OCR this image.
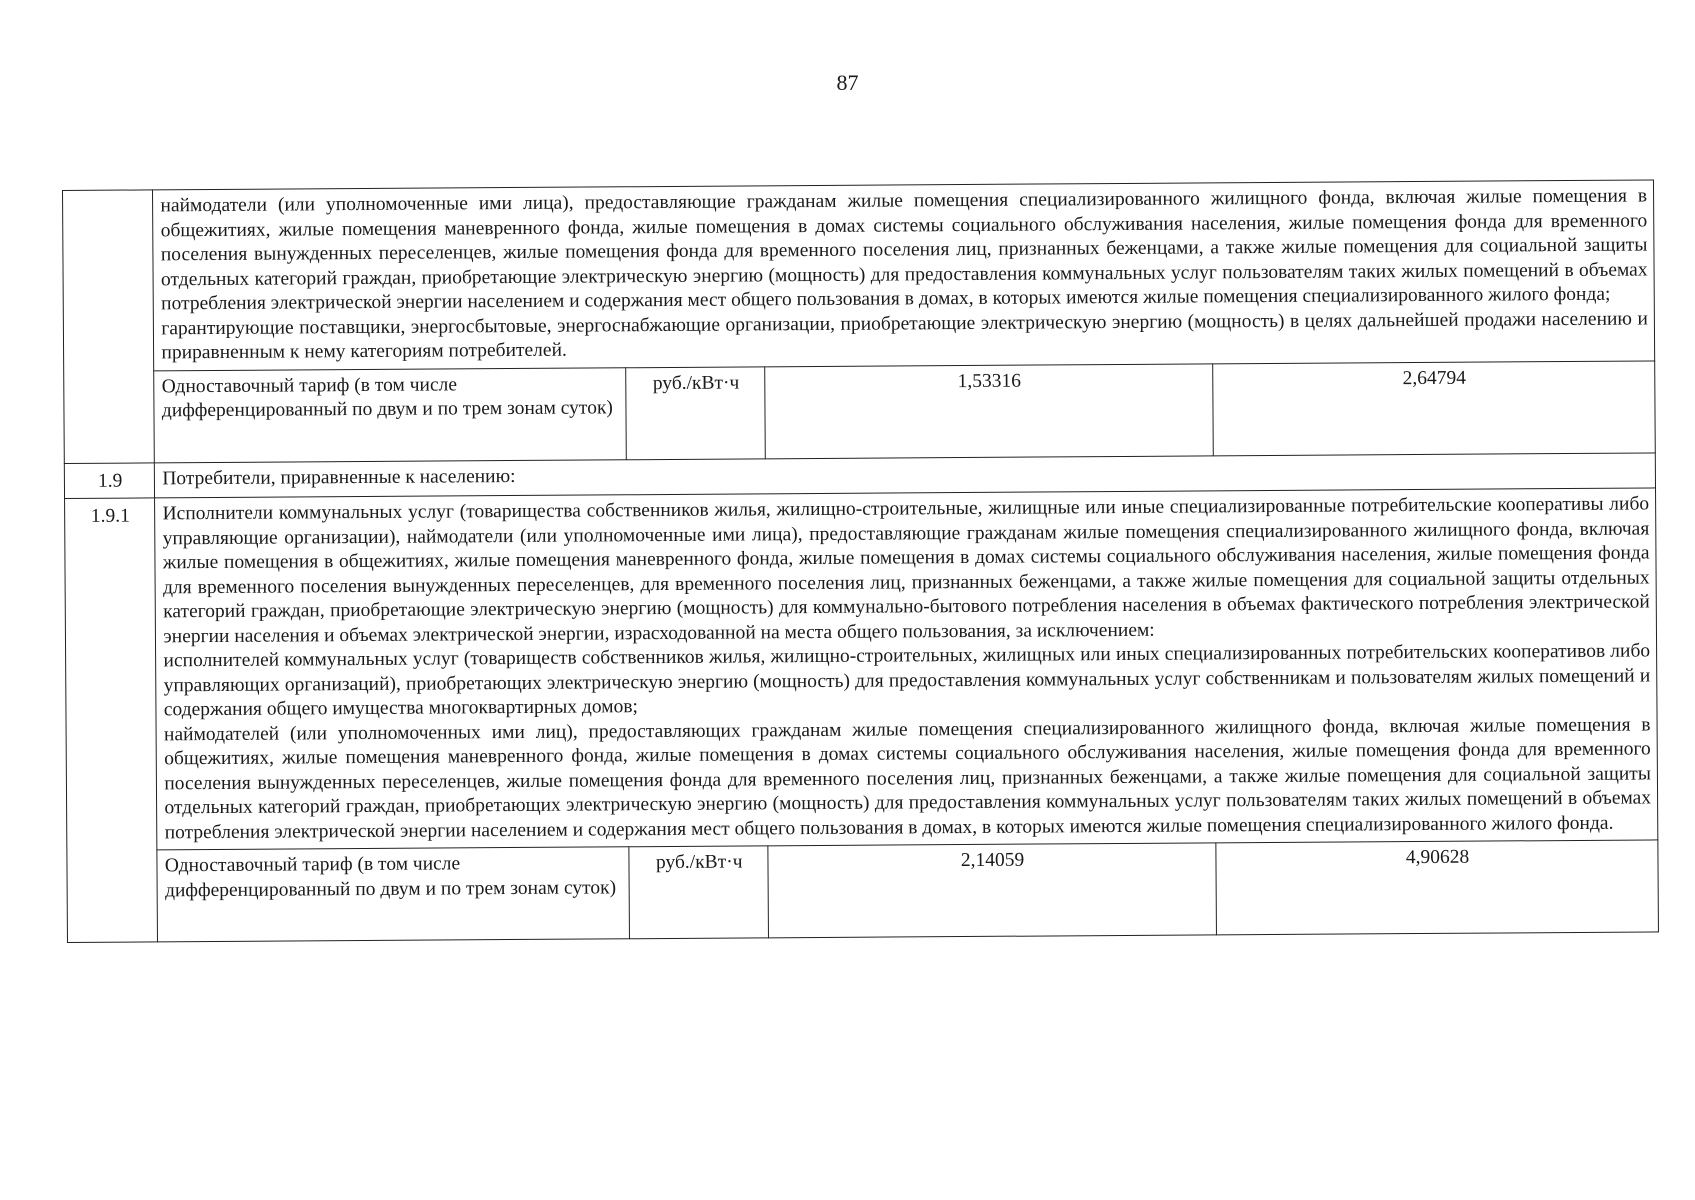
87

	наймодатели (или уполномоченные ими лица), предоставляющие гражданам жилые помещения специализированного жилищного фонда, включая жилые помещения в общежитиях, жилые помещения маневренного фонда, жилые помещения в домах системы социального обслуживания населения, жилые помещения фонда для временного поселения вынужденных переселенцев, жилые помещения фонда для временного поселения лиц, признанных беженцами, а также жилые помещения для социальной защиты отдельных категорий граждан, приобретающие электрическую энергию (мощность) для предоставления коммунальных услуг пользователям таких жилых помещений в объемах потребления электрической энергии населением и содержания мест общего пользования в домах, в которых имеются жилые помещения специализированного жилого фонда;

гарантирующие поставщики, энергосбытовые, энергоснабжающие организации, приобретающие электрическую энергию (мощность) в целях дальнейшей продажи населению и приравненным к нему категориям потребителей.			

	Одноставочный тариф (в том числе дифференцированный по двум и по трем зонам суток)	руб./кВт·ч	1,53316	2,64794
1.9	Потребители, приравненные к населению:			
1.9.1	Исполнители коммунальных услуг (товарищества собственников жилья, жилищно-строительные, жилищные или иные специализированные потребительские кооперативы либо управляющие организации), наймодатели (или уполномоченные ими лица), предоставляющие гражданам жилые помещения специализированного жилищного фонда, включая жилые помещения в общежитиях, жилые помещения маневренного фонда, жилые помещения в домах системы социального обслуживания населения, жилые помещения фонда для временного поселения вынужденных переселенцев, для временного поселения лиц, признанных беженцами, а также жилые помещения для социальной защиты отдельных категорий граждан, приобретающие электрическую энергию (мощность) для коммунально-бытового потребления населения в объемах фактического потребления электрической энергии населения и объемах электрической энергии, израсходованной на места общего пользования, за исключением:

исполнителей коммунальных услуг (товариществ собственников жилья, жилищно-строительных, жилищных или иных специализированных потребительских кооперативов либо управляющих организаций), приобретающих электрическую энергию (мощность) для предоставления коммунальных услуг собственникам и пользователям жилых помещений и содержания общего имущества многоквартирных домов;

наймодателей (или уполномоченных ими лиц), предоставляющих гражданам жилые помещения специализированного жилищного фонда, включая жилые помещения в общежитиях, жилые помещения маневренного фонда, жилые помещения в домах системы социального обслуживания населения, жилые помещения фонда для временного поселения вынужденных переселенцев, жилые помещения фонда для временного поселения лиц, признанных беженцами, а также жилые помещения для социальной защиты отдельных категорий граждан, приобретающих электрическую энергию (мощность) для предоставления коммунальных услуг пользователям таких жилых помещений в объемах потребления электрической энергии населением и содержания мест общего пользования в домах, в которых имеются жилые помещения специализированного жилого фонда.			

	Одноставочный тариф (в том числе дифференцированный по двум и по трем зонам суток)	руб./кВт·ч	2,14059	4,90628
